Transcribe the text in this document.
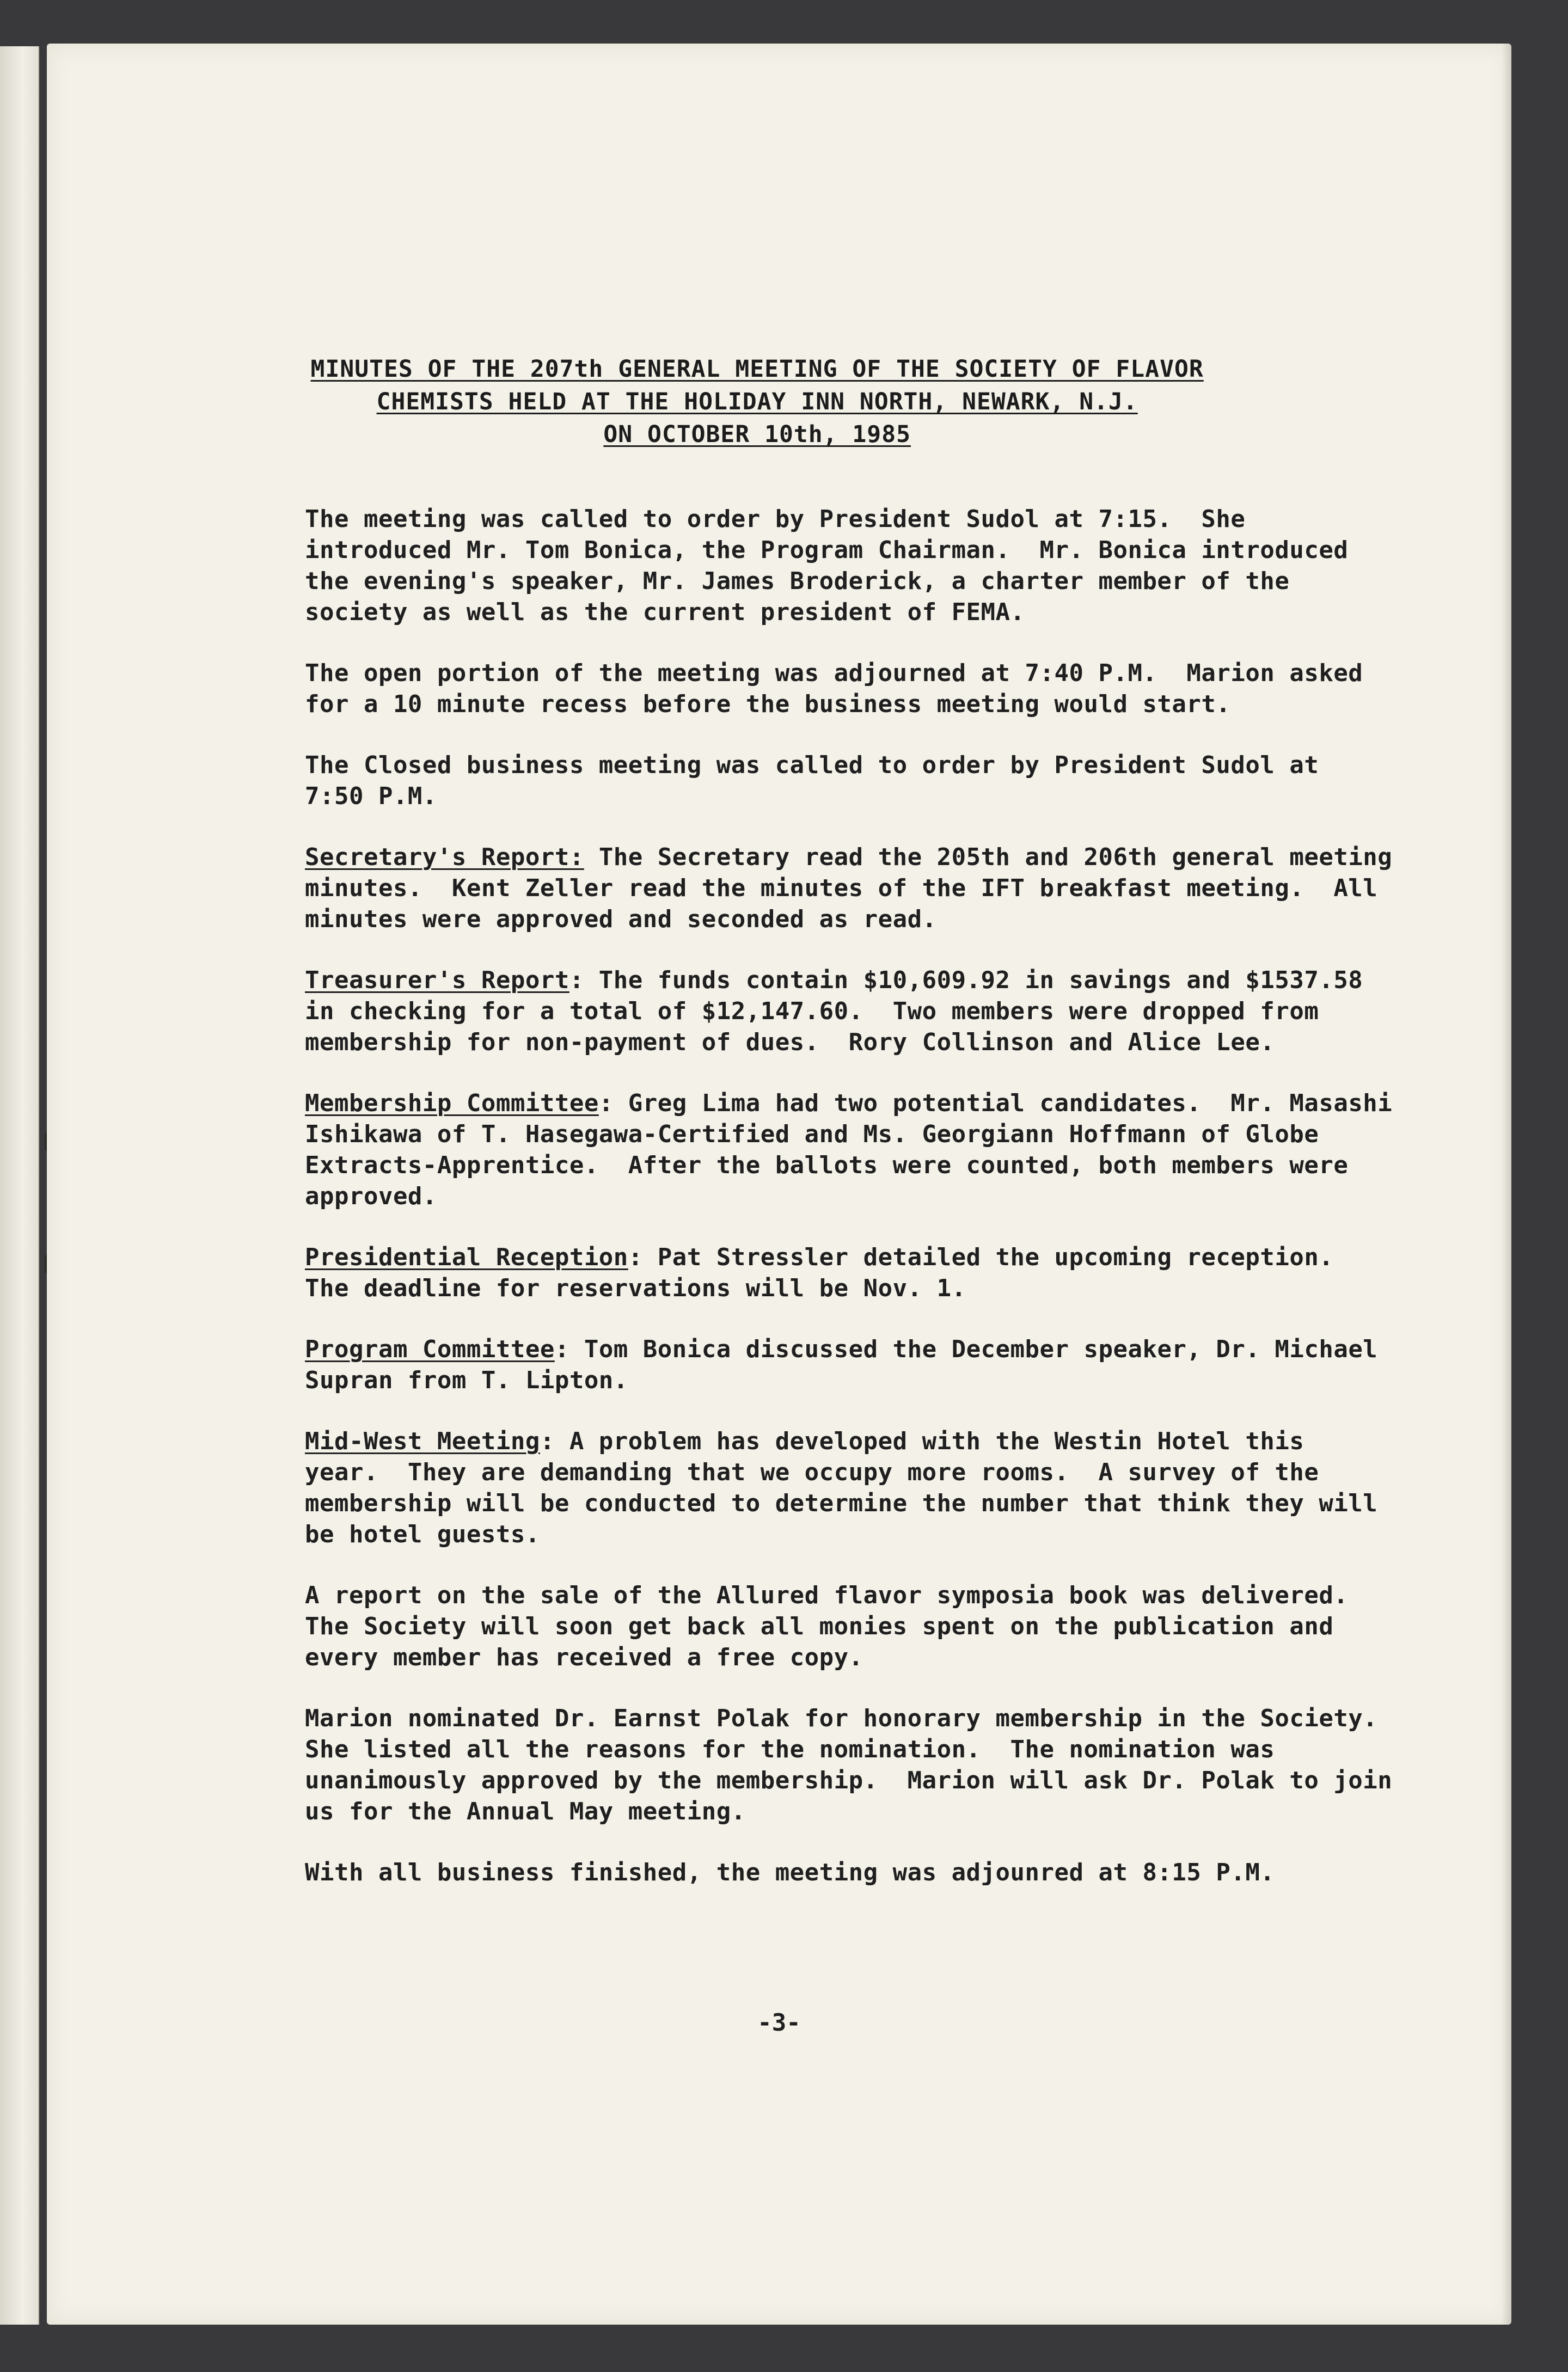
MINUTES OF THE 207th GENERAL MEETING OF THE SOCIETY OF FLAVOR
CHEMISTS HELD AT THE HOLIDAY INN NORTH, NEWARK, N.J.
ON OCTOBER 10th, 1985

The meeting was called to order by President Sudol at 7:15.  She
introduced Mr. Tom Bonica, the Program Chairman.  Mr. Bonica introduced
the evening's speaker, Mr. James Broderick, a charter member of the
society as well as the current president of FEMA.

The open portion of the meeting was adjourned at 7:40 P.M.  Marion asked
for a 10 minute recess before the business meeting would start.

The Closed business meeting was called to order by President Sudol at
7:50 P.M.

Secretary's Report: The Secretary read the 205th and 206th general meeting
minutes.  Kent Zeller read the minutes of the IFT breakfast meeting.  All
minutes were approved and seconded as read.

Treasurer's Report: The funds contain $10,609.92 in savings and $1537.58
in checking for a total of $12,147.60.  Two members were dropped from
membership for non-payment of dues.  Rory Collinson and Alice Lee.

Membership Committee: Greg Lima had two potential candidates.  Mr. Masashi
Ishikawa of T. Hasegawa-Certified and Ms. Georgiann Hoffmann of Globe
Extracts-Apprentice.  After the ballots were counted, both members were
approved.

Presidential Reception: Pat Stressler detailed the upcoming reception.
The deadline for reservations will be Nov. 1.

Program Committee: Tom Bonica discussed the December speaker, Dr. Michael
Supran from T. Lipton.

Mid-West Meeting: A problem has developed with the Westin Hotel this
year.  They are demanding that we occupy more rooms.  A survey of the
membership will be conducted to determine the number that think they will
be hotel guests.

A report on the sale of the Allured flavor symposia book was delivered.
The Society will soon get back all monies spent on the publication and
every member has received a free copy.

Marion nominated Dr. Earnst Polak for honorary membership in the Society.
She listed all the reasons for the nomination.  The nomination was
unanimously approved by the membership.  Marion will ask Dr. Polak to join
us for the Annual May meeting.

With all business finished, the meeting was adjounred at 8:15 P.M.

-3-
